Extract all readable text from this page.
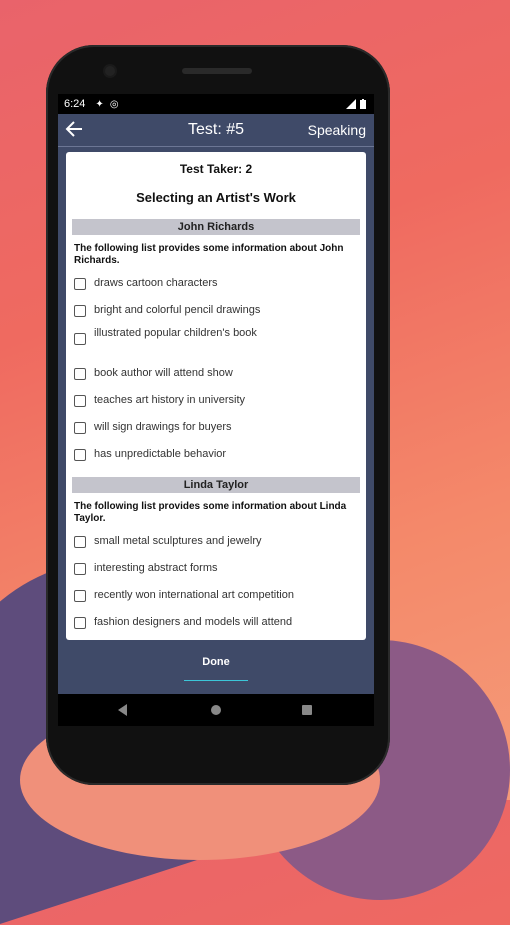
6:24 ✦ ◎
Test: #5	Speaking
Test Taker: 2
Selecting an Artist's Work
John Richards
The following list provides some information about John Richards.
draws cartoon characters
bright and colorful pencil drawings
illustrated popular children's book
book author will attend show
teaches art history in university
will sign drawings for buyers
has unpredictable behavior
Linda Taylor
The following list provides some information about Linda Taylor.
small metal sculptures and jewelry
interesting abstract forms
recently won international art competition
fashion designers and models will attend
Done
